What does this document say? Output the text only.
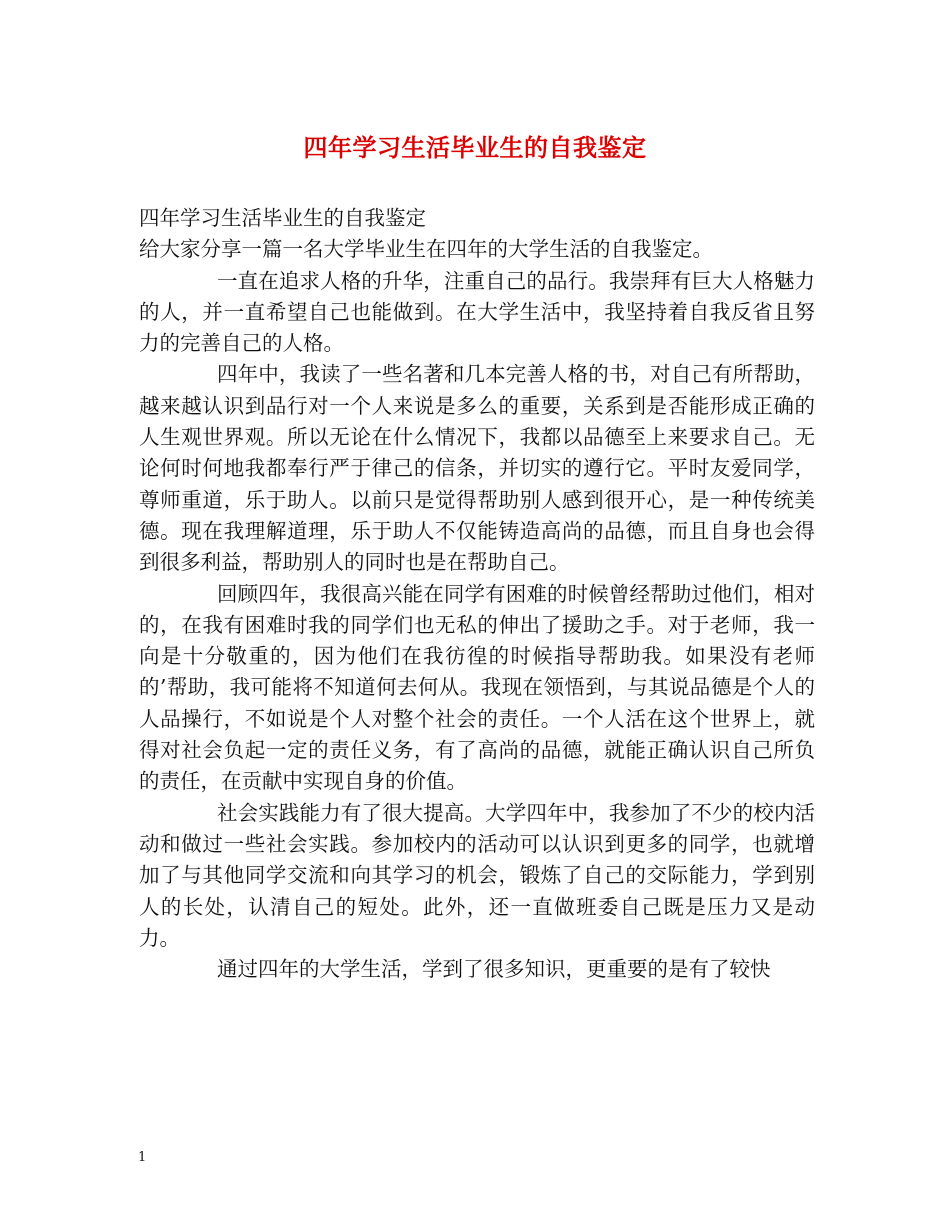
四年学习生活毕业生的自我鉴定
四年学习生活毕业生的自我鉴定
给大家分享一篇一名大学毕业生在四年的大学生活的自我鉴定。

一直在追求人格的升华，注重自己的品行。我崇拜有巨大人格魅力的人，并一直希望自己也能做到。在大学生活中，我坚持着自我反省且努力的完善自己的人格。

四年中，我读了一些名著和几本完善人格的书，对自己有所帮助，越来越认识到品行对一个人来说是多么的重要，关系到是否能形成正确的人生观世界观。所以无论在什么情况下，我都以品德至上来要求自己。无论何时何地我都奉行严于律己的信条，并切实的遵行它。平时友爱同学，尊师重道，乐于助人。以前只是觉得帮助别人感到很开心，是一种传统美德。现在我理解道理，乐于助人不仅能铸造高尚的品德，而且自身也会得到很多利益，帮助别人的同时也是在帮助自己。

回顾四年，我很高兴能在同学有困难的时候曾经帮助过他们，相对的，在我有困难时我的同学们也无私的伸出了援助之手。对于老师，我一向是十分敬重的，因为他们在我彷徨的时候指导帮助我。如果没有老师的’帮助，我可能将不知道何去何从。我现在领悟到，与其说品德是个人的人品操行，不如说是个人对整个社会的责任。一个人活在这个世界上，就得对社会负起一定的责任义务，有了高尚的品德，就能正确认识自己所负的责任，在贡献中实现自身的价值。

社会实践能力有了很大提高。大学四年中，我参加了不少的校内活动和做过一些社会实践。参加校内的活动可以认识到更多的同学，也就增加了与其他同学交流和向其学习的机会，锻炼了自己的交际能力，学到别人的长处，认清自己的短处。此外，还一直做班委自己既是压力又是动力。

通过四年的大学生活，学到了很多知识，更重要的是有了较快

1
